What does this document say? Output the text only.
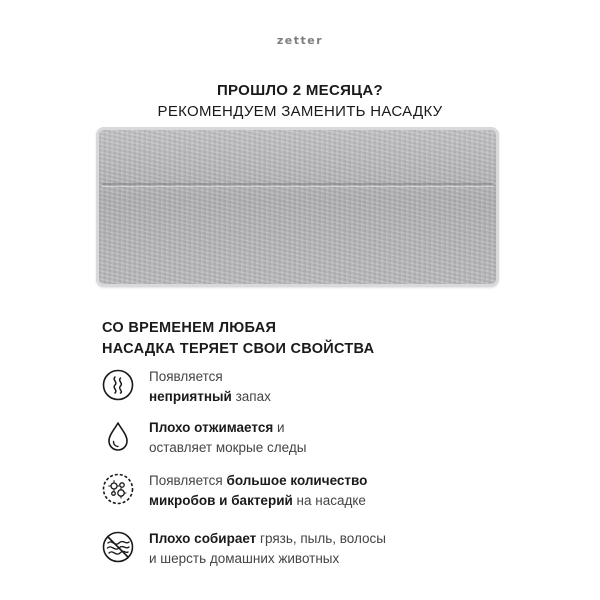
zetter
ПРОШЛО 2 МЕСЯЦА?
РЕКОМЕНДУЕМ ЗАМЕНИТЬ НАСАДКУ
СО ВРЕМЕНЕМ ЛЮБАЯ
НАСАДКА ТЕРЯЕТ СВОИ СВОЙСТВА
Появляется
неприятный запах
Плохо отжимается и
оставляет мокрые следы
Появляется большое количество
микробов и бактерий на насадке
Плохо собирает грязь, пыль, волосы
и шерсть домашних животных
